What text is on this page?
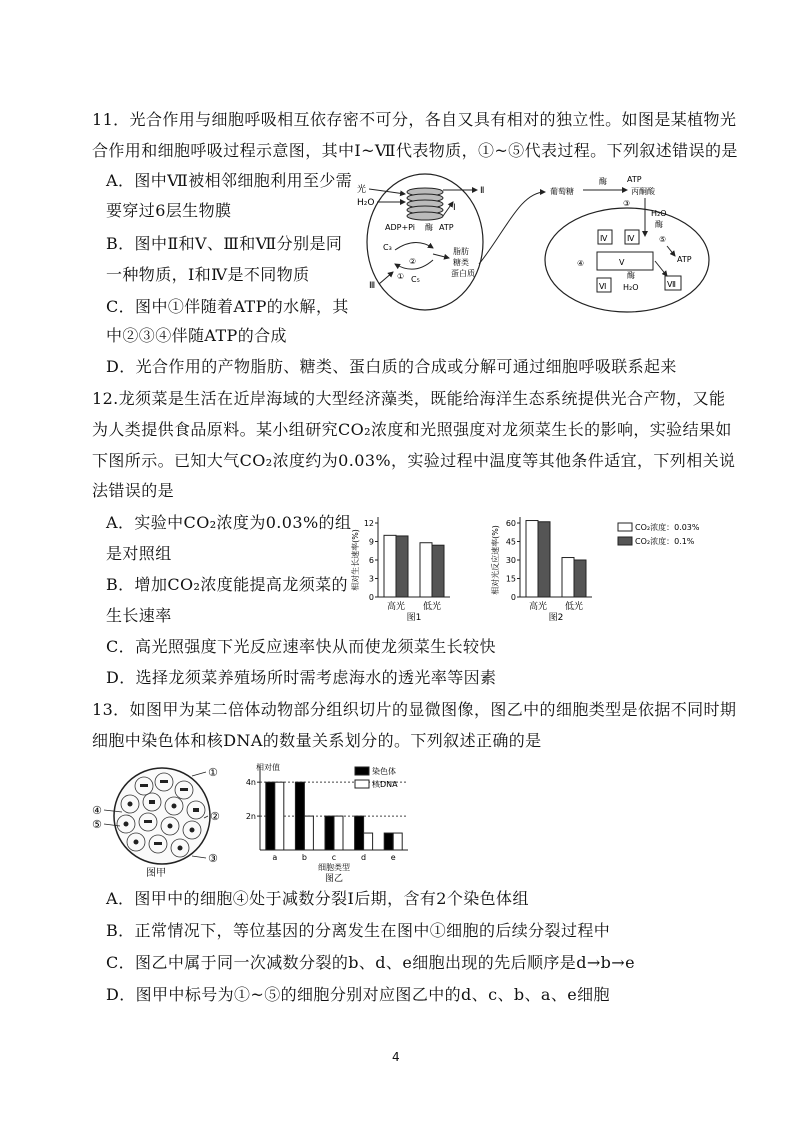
11．光合作用与细胞呼吸相互依存密不可分，各自又具有相对的独立性。如图是某植物光
合作用和细胞呼吸过程示意图，其中Ⅰ~Ⅶ代表物质，①~⑤代表过程。下列叙述错误的是
A．图中Ⅶ被相邻细胞利用至少需
要穿过6层生物膜
B．图中Ⅱ和Ⅴ、Ⅲ和Ⅶ分别是同
一种物质，Ⅰ和Ⅳ是不同物质
C．图中①伴随着ATP的水解，其
中②③④伴随ATP的合成
D．光合作用的产物脂肪、糖类、蛋白质的合成或分解可通过细胞呼吸联系起来
光
H₂O
ADP+Pi 酶 ATP
Ⅱ
Ⅰ
C₃
②
① C₅
Ⅲ
脂肪
糖类
蛋白质
葡萄糖
酶	ATP
丙酮酸
③
H₂O
酶
⑤
ATP
Ⅳ Ⅳ
Ⅴ
④
Ⅵ
酶
H₂O	Ⅶ
12.龙须菜是生活在近岸海域的大型经济藻类，既能给海洋生态系统提供光合产物，又能
为人类提供食品原料。某小组研究CO₂浓度和光照强度对龙须菜生长的影响，实验结果如
下图所示。已知大气CO₂浓度约为0.03%，实验过程中温度等其他条件适宜，下列相关说
法错误的是
A．实验中CO₂浓度为0.03%的组
是对照组
B．增加CO₂浓度能提高龙须菜的
生长速率
C．高光照强度下光反应速率快从而使龙须菜生长较快
D．选择龙须菜养殖场所时需考虑海水的透光率等因素
相对生长速率(%)
0
3
6
9
12
高光 低光
图1
相对光反应速率(%)
0
15
30
45
60
高光 低光
图2
CO₂浓度：0.03%
CO₂浓度：0.1%
13．如图甲为某二倍体动物部分组织切片的显微图像，图乙中的细胞类型是依据不同时期
细胞中染色体和核DNA的数量关系划分的。下列叙述正确的是
①
②
③
④
⑤
图甲
相对值
2n
4n
a	b	c	d	e
细胞类型
图乙
染色体
核DNA
A．图甲中的细胞④处于减数分裂Ⅰ后期，含有2个染色体组
B．正常情况下，等位基因的分离发生在图中①细胞的后续分裂过程中
C．图乙中属于同一次减数分裂的b、d、e细胞出现的先后顺序是d→b→e
D．图甲中标号为①~⑤的细胞分别对应图乙中的d、c、b、a、e细胞
4
